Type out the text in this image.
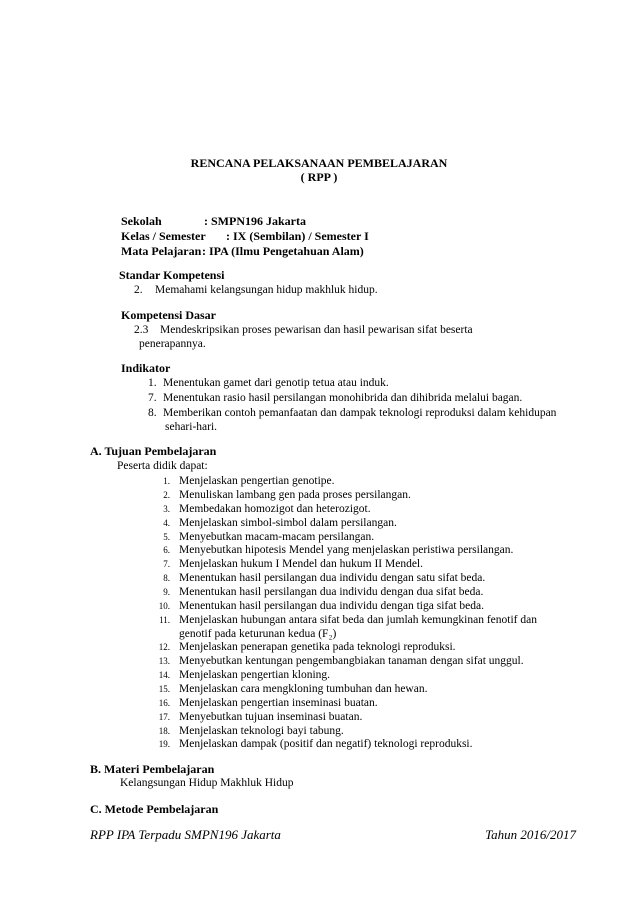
RENCANA PELAKSANAAN PEMBELAJARAN
( RPP )
Sekolah	: SMPN196 Jakarta
Kelas / Semester : IX (Sembilan) / Semester I
Mata Pelajaran : IPA (Ilmu Pengetahuan Alam)
Standar Kompetensi
2. Memahami kelangsungan hidup makhluk hidup.
Kompetensi Dasar
2.3 Mendeskripsikan proses pewarisan dan hasil pewarisan sifat beserta
penerapannya.
Indikator
1. Menentukan gamet dari genotip tetua atau induk.
7. Menentukan rasio hasil persilangan monohibrida dan dihibrida melalui bagan.
8. Memberikan contoh pemanfaatan dan dampak teknologi reproduksi dalam kehidupan
sehari-hari.
A. Tujuan Pembelajaran
Peserta didik dapat:
1. Menjelaskan pengertian genotipe.
2. Menuliskan lambang gen pada proses persilangan.
3. Membedakan homozigot dan heterozigot.
4. Menjelaskan simbol-simbol dalam persilangan.
5. Menyebutkan macam-macam persilangan.
6. Menyebutkan hipotesis Mendel yang menjelaskan peristiwa persilangan.
7. Menjelaskan hukum I Mendel dan hukum II Mendel.
8. Menentukan hasil persilangan dua individu dengan satu sifat beda.
9. Menentukan hasil persilangan dua individu dengan dua sifat beda.
10. Menentukan hasil persilangan dua individu dengan tiga sifat beda.
11. Menjelaskan hubungan antara sifat beda dan jumlah kemungkinan fenotif dan
genotif pada keturunan kedua (F₂)
12. Menjelaskan penerapan genetika pada teknologi reproduksi.
13. Menyebutkan kentungan pengembangbiakan tanaman dengan sifat unggul.
14. Menjelaskan pengertian kloning.
15. Menjelaskan cara mengkloning tumbuhan dan hewan.
16. Menjelaskan pengertian inseminasi buatan.
17. Menyebutkan tujuan inseminasi buatan.
18. Menjelaskan teknologi bayi tabung.
19. Menjelaskan dampak (positif dan negatif) teknologi reproduksi.
B. Materi Pembelajaran
Kelangsungan Hidup Makhluk Hidup
C. Metode Pembelajaran
RPP IPA Terpadu SMPN196 Jakarta	Tahun 2016/2017
